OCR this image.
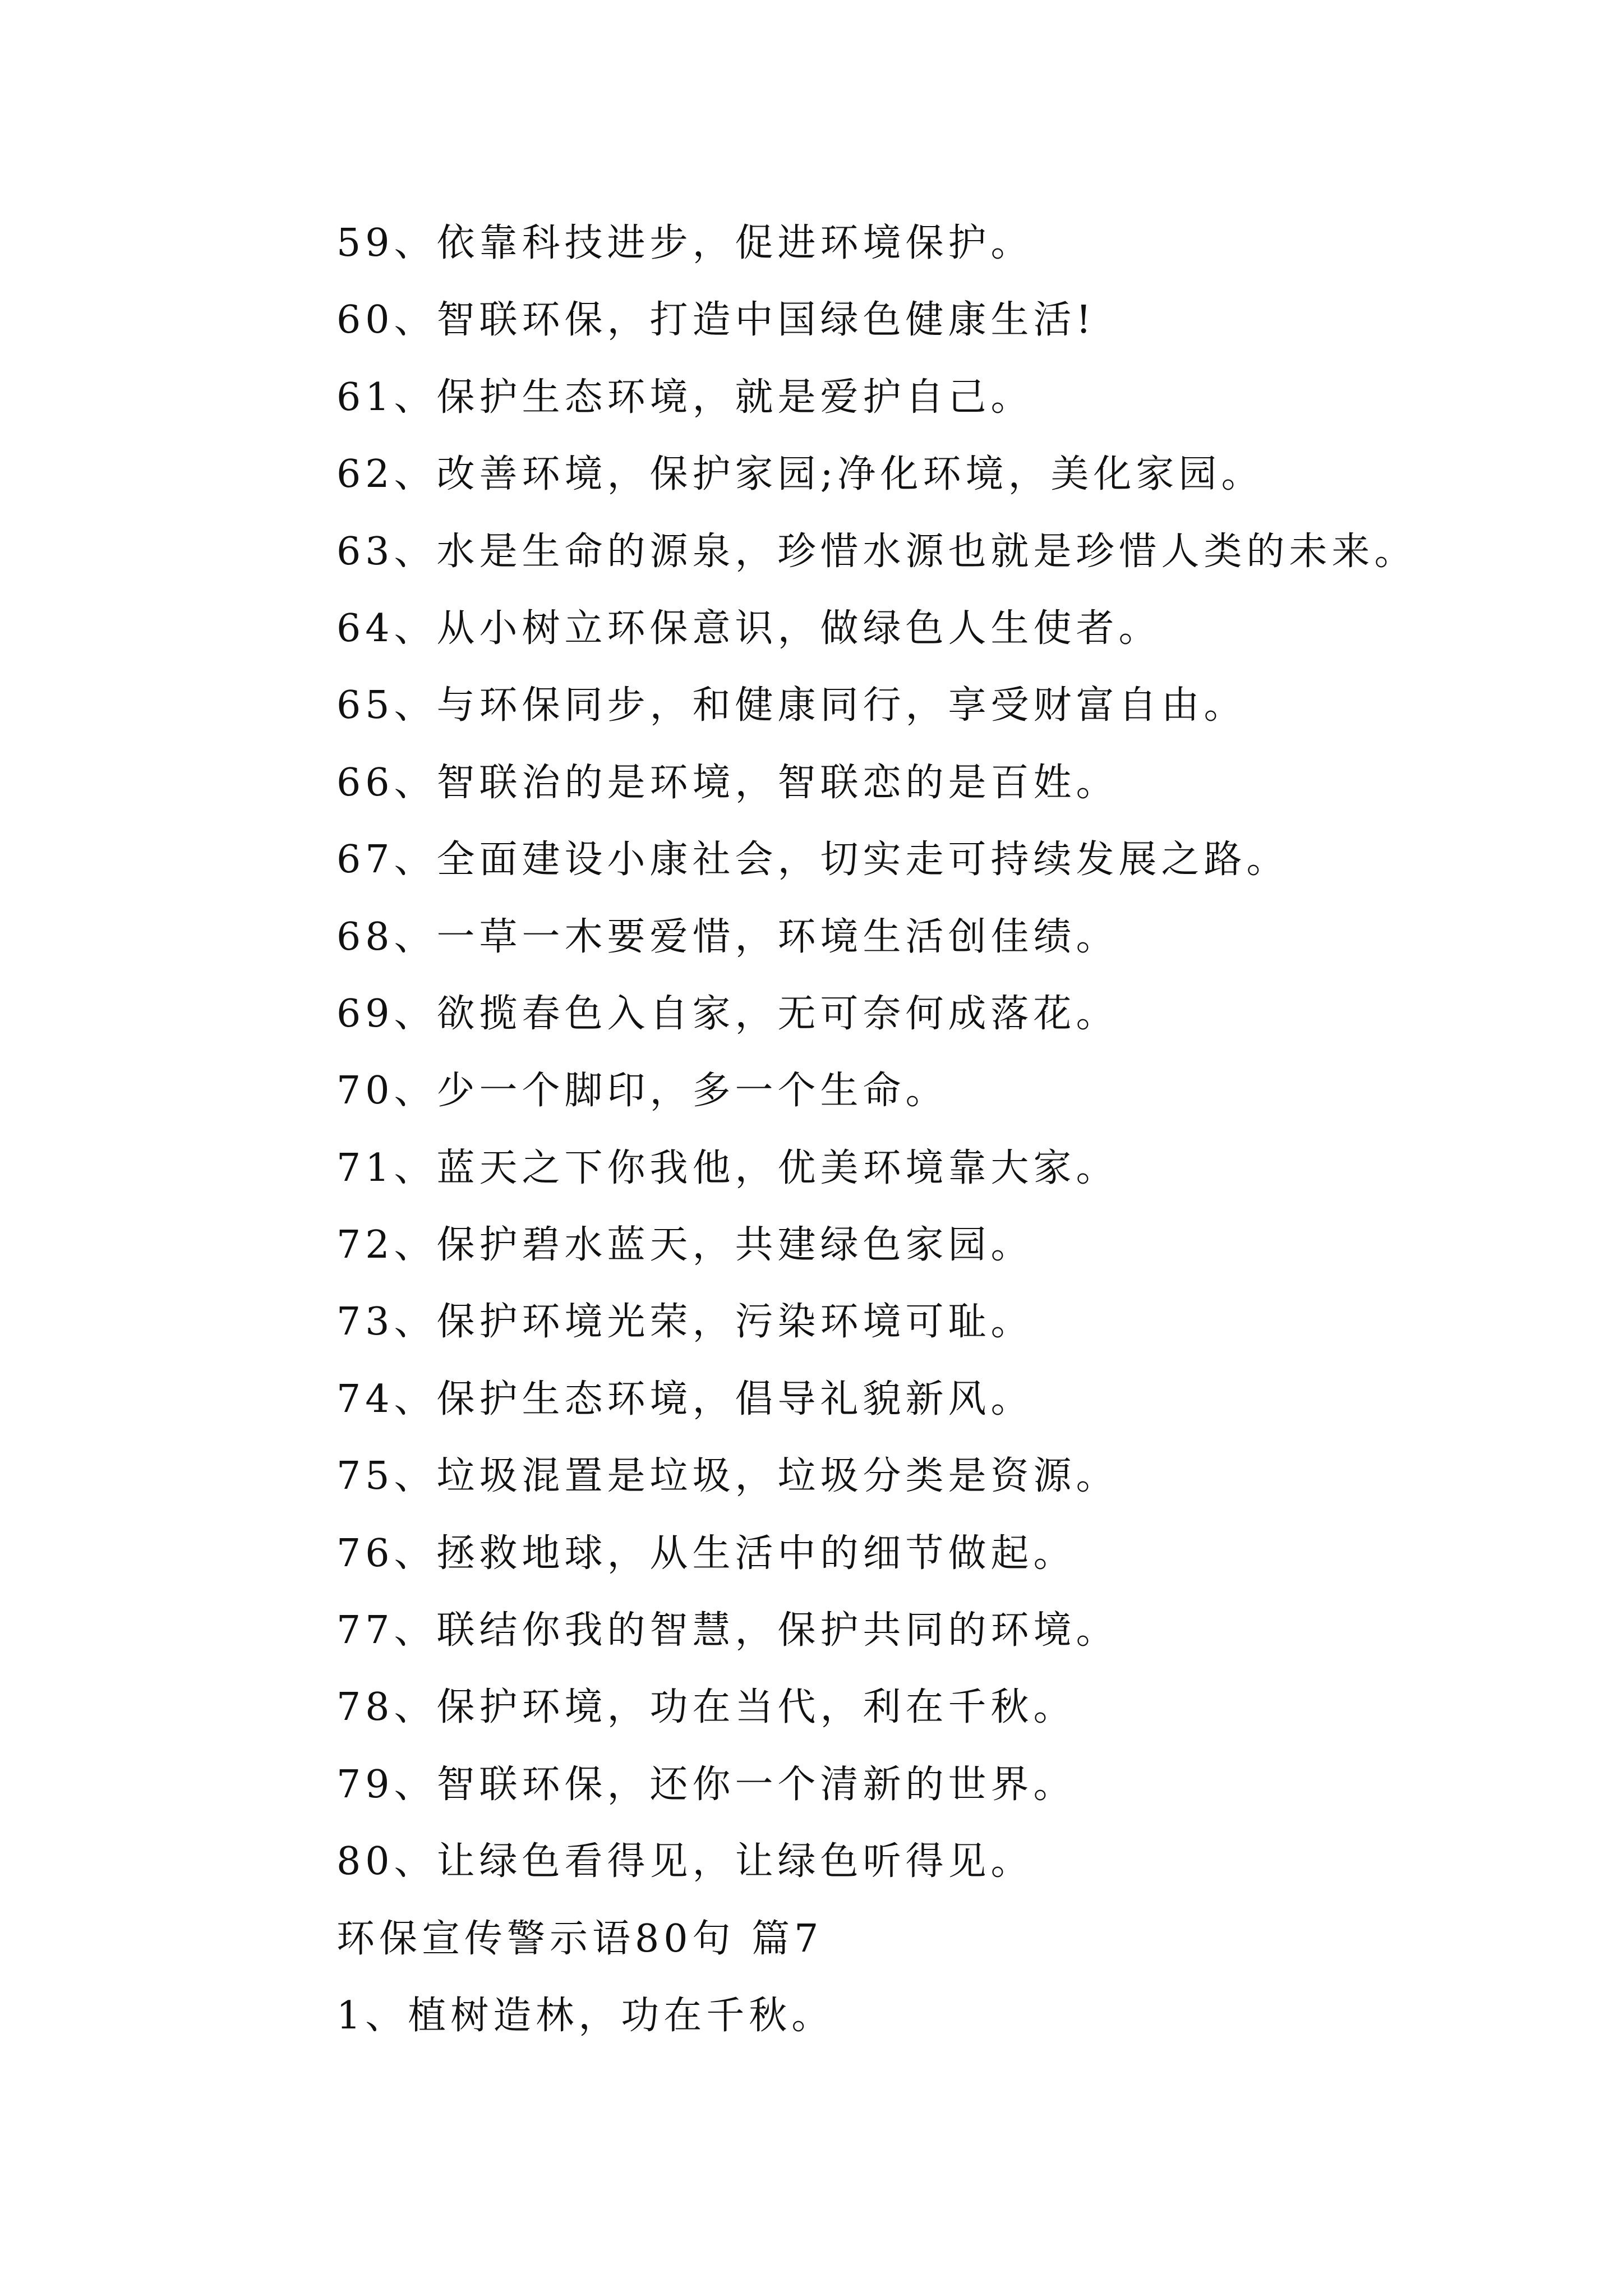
59、依靠科技进步，促进环境保护。
60、智联环保，打造中国绿色健康生活!
61、保护生态环境，就是爱护自己。
62、改善环境，保护家园;净化环境，美化家园。
63、水是生命的源泉，珍惜水源也就是珍惜人类的未来。
64、从小树立环保意识，做绿色人生使者。
65、与环保同步，和健康同行，享受财富自由。
66、智联治的是环境，智联恋的是百姓。
67、全面建设小康社会，切实走可持续发展之路。
68、一草一木要爱惜，环境生活创佳绩。
69、欲揽春色入自家，无可奈何成落花。
70、少一个脚印，多一个生命。
71、蓝天之下你我他，优美环境靠大家。
72、保护碧水蓝天，共建绿色家园。
73、保护环境光荣，污染环境可耻。
74、保护生态环境，倡导礼貌新风。
75、垃圾混置是垃圾，垃圾分类是资源。
76、拯救地球，从生活中的细节做起。
77、联结你我的智慧，保护共同的环境。
78、保护环境，功在当代，利在千秋。
79、智联环保，还你一个清新的世界。
80、让绿色看得见，让绿色听得见。
环保宣传警示语80句 篇7
1、植树造林，功在千秋。
